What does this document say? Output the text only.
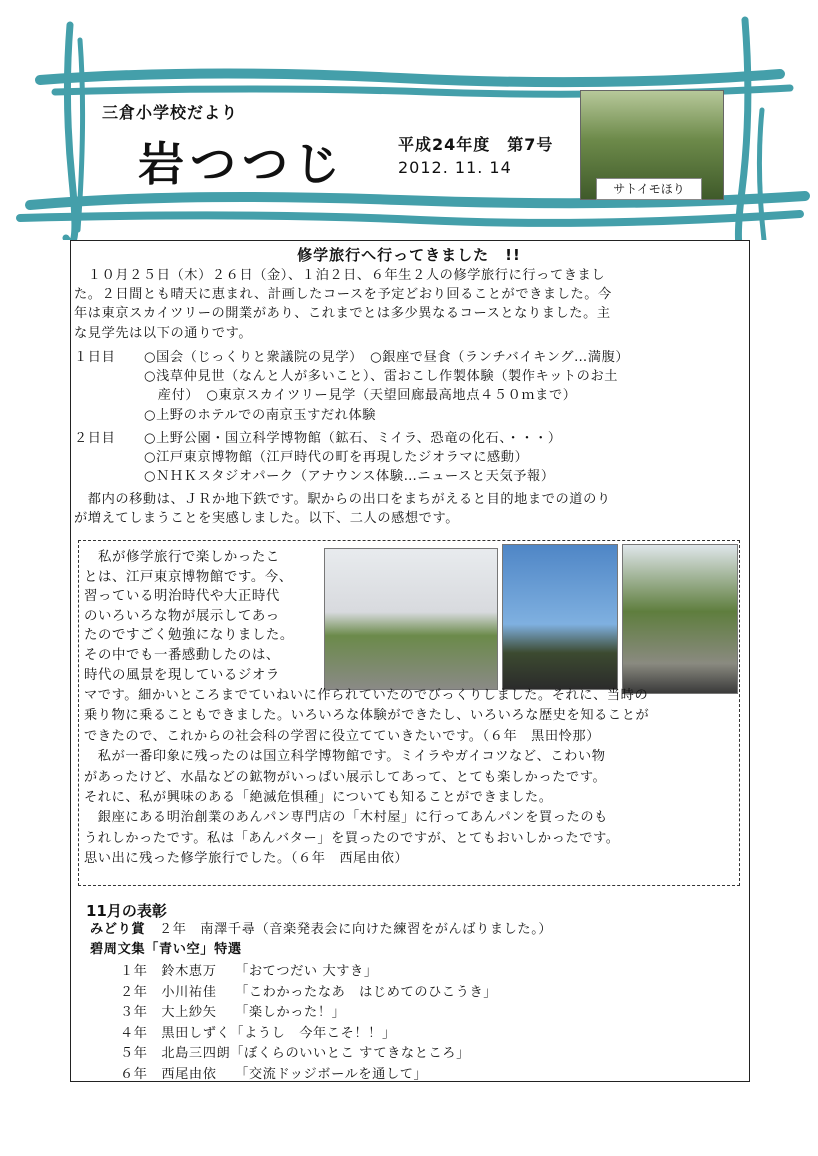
三倉小学校だより
岩つつじ	平成24年度　第7号
2012. 11. 14
サトイモほり
修学旅行へ行ってきました　!!
　１０月２５日（木）２６日（金）、１泊２日、６年生２人の修学旅行に行ってきまし
た。２日間とも晴天に恵まれ、計画したコースを予定どおり回ることができました。今
年は東京スカイツリーの開業があり、これまでとは多少異なるコースとなりました。主
な見学先は以下の通りです。
１日目 ○国会（じっくりと衆議院の見学）　○銀座で昼食（ランチバイキング…満腹）
○浅草仲見世（なんと人が多いこと）、雷おこし作製体験（製作キットのお土
　産付）　○東京スカイツリー見学（天望回廊最高地点４５０ｍまで）
○上野のホテルでの南京玉すだれ体験
２日目 ○上野公園・国立科学博物館（鉱石、ミイラ、恐竜の化石、・・・）
○江戸東京博物館（江戸時代の町を再現したジオラマに感動）
○ＮＨＫスタジオパーク（アナウンス体験…ニュースと天気予報）
　都内の移動は、ＪＲか地下鉄です。駅からの出口をまちがえると目的地までの道のり
が増えてしまうことを実感しました。以下、二人の感想です。
　私が修学旅行で楽しかったこ
とは、江戸東京博物館です。今、
習っている明治時代や大正時代
のいろいろな物が展示してあっ
たのですごく勉強になりました。
その中でも一番感動したのは、
時代の風景を現しているジオラ
マです。細かいところまでていねいに作られていたのでびっくりしました。それに、当時の
乗り物に乗ることもできました。いろいろな体験ができたし、いろいろな歴史を知ることが
できたので、これからの社会科の学習に役立てていきたいです。（６年　黒田怜那）
　私が一番印象に残ったのは国立科学博物館です。ミイラやガイコツなど、こわい物
があったけど、水晶などの鉱物がいっぱい展示してあって、とても楽しかったです。
それに、私が興味のある「絶滅危惧種」についても知ることができました。
　銀座にある明治創業のあんパン専門店の「木村屋」に行ってあんパンを買ったのも
うれしかったです。私は「あんバター」を買ったのですが、とてもおいしかったです。
思い出に残った修学旅行でした。（６年　西尾由依）
11月の表彰
みどり賞　２年　南澤千尋（音楽発表会に向けた練習をがんばりました。）
碧周文集「青い空」特選
１年　鈴木恵万　 「おてつだい 大すき」
２年　小川祐佳　 「こわかったなあ　はじめてのひこうき」
３年　大上紗矢　 「楽しかった！」
４年　黒田しずく「ようし　今年こそ！！」
５年　北島三四朗「ぼくらのいいとこ すてきなところ」
６年　西尾由依　 「交流ドッジボールを通して」
